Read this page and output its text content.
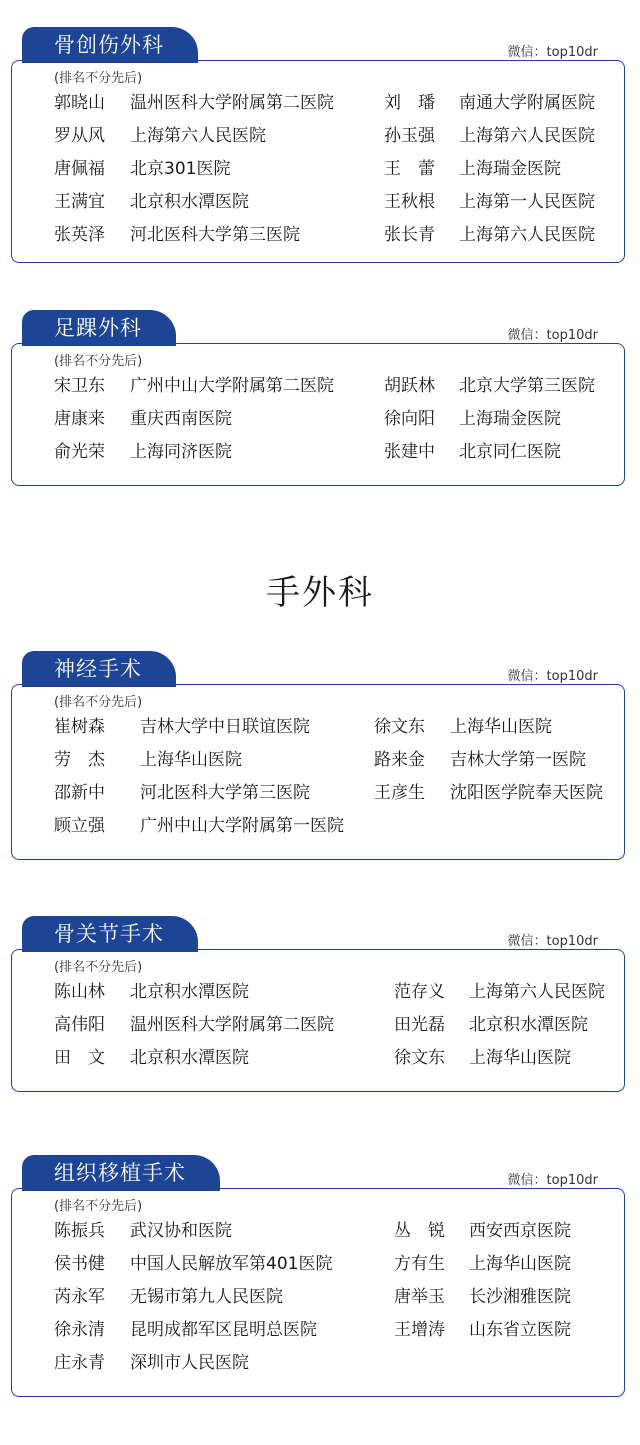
(排名不分先后)
郭晓山 温州医科大学附属第二医院	刘　璠 南通大学附属医院
罗从风 上海第六人民医院	孙玉强 上海第六人民医院
唐佩福 北京301医院	王　蕾 上海瑞金医院
王满宜 北京积水潭医院	王秋根 上海第一人民医院
张英泽 河北医科大学第三医院	张长青 上海第六人民医院
骨创伤外科	微信：top10dr
(排名不分先后)
宋卫东 广州中山大学附属第二医院	胡跃林 北京大学第三医院
唐康来 重庆西南医院	徐向阳 上海瑞金医院
俞光荣 上海同济医院	张建中 北京同仁医院
足踝外科	微信：top10dr
手外科
(排名不分先后)
崔树森 吉林大学中日联谊医院	徐文东 上海华山医院
劳　杰 上海华山医院	路来金 吉林大学第一医院
邵新中 河北医科大学第三医院	王彦生 沈阳医学院奉天医院
顾立强 广州中山大学附属第一医院
神经手术	微信：top10dr
(排名不分先后)
陈山林 北京积水潭医院	范存义 上海第六人民医院
高伟阳 温州医科大学附属第二医院	田光磊 北京积水潭医院
田　文 北京积水潭医院	徐文东 上海华山医院
骨关节手术	微信：top10dr
(排名不分先后)
陈振兵 武汉协和医院	丛　锐 西安西京医院
侯书健 中国人民解放军第401医院	方有生 上海华山医院
芮永军 无锡市第九人民医院	唐举玉 长沙湘雅医院
徐永清 昆明成都军区昆明总医院	王增涛 山东省立医院
庄永青 深圳市人民医院
组织移植手术	微信：top10dr
